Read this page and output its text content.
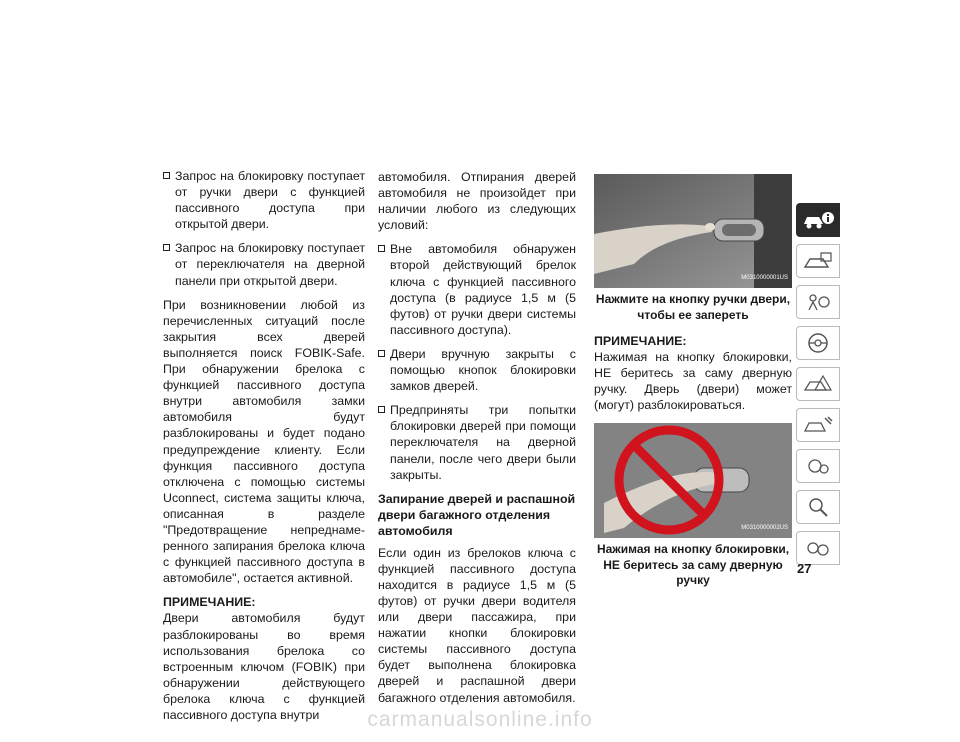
Запрос на блокировку поступает от ручки двери с функцией пассивного доступа при открытой двери.
Запрос на блокировку поступает от переключателя на дверной панели при открытой двери.

При возникновении любой из перечисленных ситуаций после закрытия всех дверей выполняется поиск FOBIK-Safe. При обнаружении брелока с функцией пассивного доступа внутри автомобиля замки автомобиля будут разблокированы и будет подано предупреждение клиенту. Если функция пассивного доступа отключена с помощью системы Uconnect, система защиты ключа, описанная в разделе "Предотвращение непреднамеренного запирания брелока ключа с функцией пассивного доступа в автомобиле", остается активной.

ПРИМЕЧАНИЕ:

Двери автомобиля будут разблокированы во время использования брелока со встроенным ключом (FOBIK) при обнаружении действующего брелока ключа с функцией пассивного доступа внутри

автомобиля. Отпирания дверей автомобиля не произойдет при наличии любого из следующих условий:

Вне автомобиля обнаружен второй действующий брелок ключа с функцией пассивного доступа (в радиусе 1,5 м (5 футов) от ручки двери системы пассивного доступа).
Двери вручную закрыты с помощью кнопок блокировки замков дверей.
Предприняты три попытки блокировки дверей при помощи переключателя на дверной панели, после чего двери были закрыты.
Запирание дверей и распашной двери багажного отделения автомобиля

Если один из брелоков ключа с функцией пассивного доступа находится в радиусе 1,5 м (5 футов) от ручки двери водителя или двери пассажира, при нажатии кнопки блокировки системы пассивного доступа будет выполнена блокировка дверей и распашной двери багажного отделения автомобиля.

M0310000001US
Нажмите на кнопку ручки двери, чтобы ее запереть
ПРИМЕЧАНИЕ:

Нажимая на кнопку блокировки, НЕ беритесь за саму дверную ручку. Дверь (двери) может (могут) разблокироваться.

M0310000002US
Нажимая на кнопку блокировки, НЕ беритесь за саму дверную ручку
27
carmanualsonline.info
